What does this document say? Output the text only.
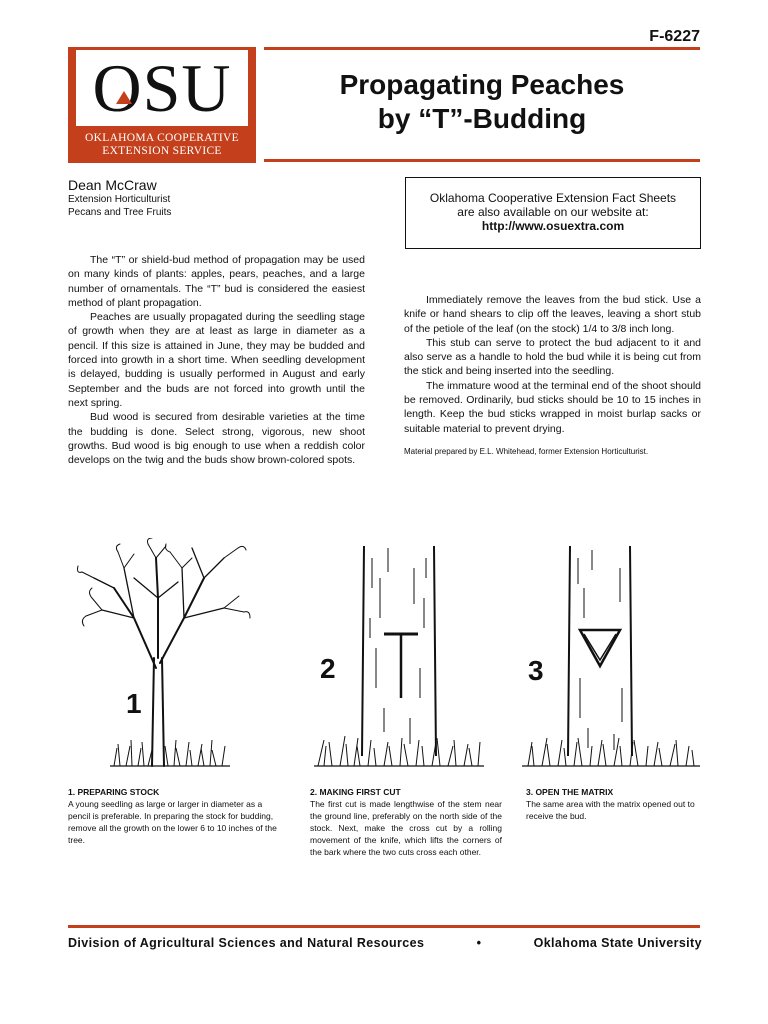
F-6227
OSU
OKLAHOMA COOPERATIVE
EXTENSION SERVICE
Propagating Peaches
by “T”-Budding
Dean McCraw
Extension Horticulturist
Pecans and Tree Fruits
Oklahoma Cooperative Extension Fact Sheets
are also available on our website at:
http://www.osuextra.com

The “T” or shield-bud method of propagation may be used on many kinds of plants: apples, pears, peaches, and a large number of ornamentals. The “T” bud is considered the easiest method of plant propagation.

Peaches are usually propagated during the seedling stage of growth when they are at least as large in diameter as a pencil. If this size is attained in June, they may be budded and forced into growth in a short time. When seedling development is delayed, budding is usually performed in August and early September and the buds are not forced into growth until the next spring.

Bud wood is secured from desirable varieties at the time the budding is done. Select strong, vigorous, new shoot growths. Bud wood is big enough to use when a reddish color develops on the twig and the buds show brown-colored spots.

Immediately remove the leaves from the bud stick. Use a knife or hand shears to clip off the leaves, leaving a short stub of the petiole of the leaf (on the stock) 1/4 to 3/8 inch long.

This stub can serve to protect the bud adjacent to it and also serve as a handle to hold the bud while it is being cut from the stick and being inserted into the seedling.

The immature wood at the terminal end of the shoot should be removed. Ordinarily, bud sticks should be 10 to 15 inches in length. Keep the bud sticks wrapped in moist burlap sacks or suitable material to prevent drying.

Material prepared by E.L. Whitehead, former Extension Horticulturist.
1
2	3
1. PREPARING STOCK
A young seedling as large or larger in diameter as a pencil is preferable. In preparing the stock for budding, remove all the growth on the lower 6 to 10 inches of the tree.
2. MAKING FIRST CUT
The first cut is made lengthwise of the stem near the ground line, preferably on the north side of the stock. Next, make the cross cut by a rolling movement of the knife, which lifts the corners of the bark where the two cuts cross each other.
3. OPEN THE MATRIX
The same area with the matrix opened out to receive the bud.
Division of Agricultural Sciences and Natural Resources	•	Oklahoma State University
